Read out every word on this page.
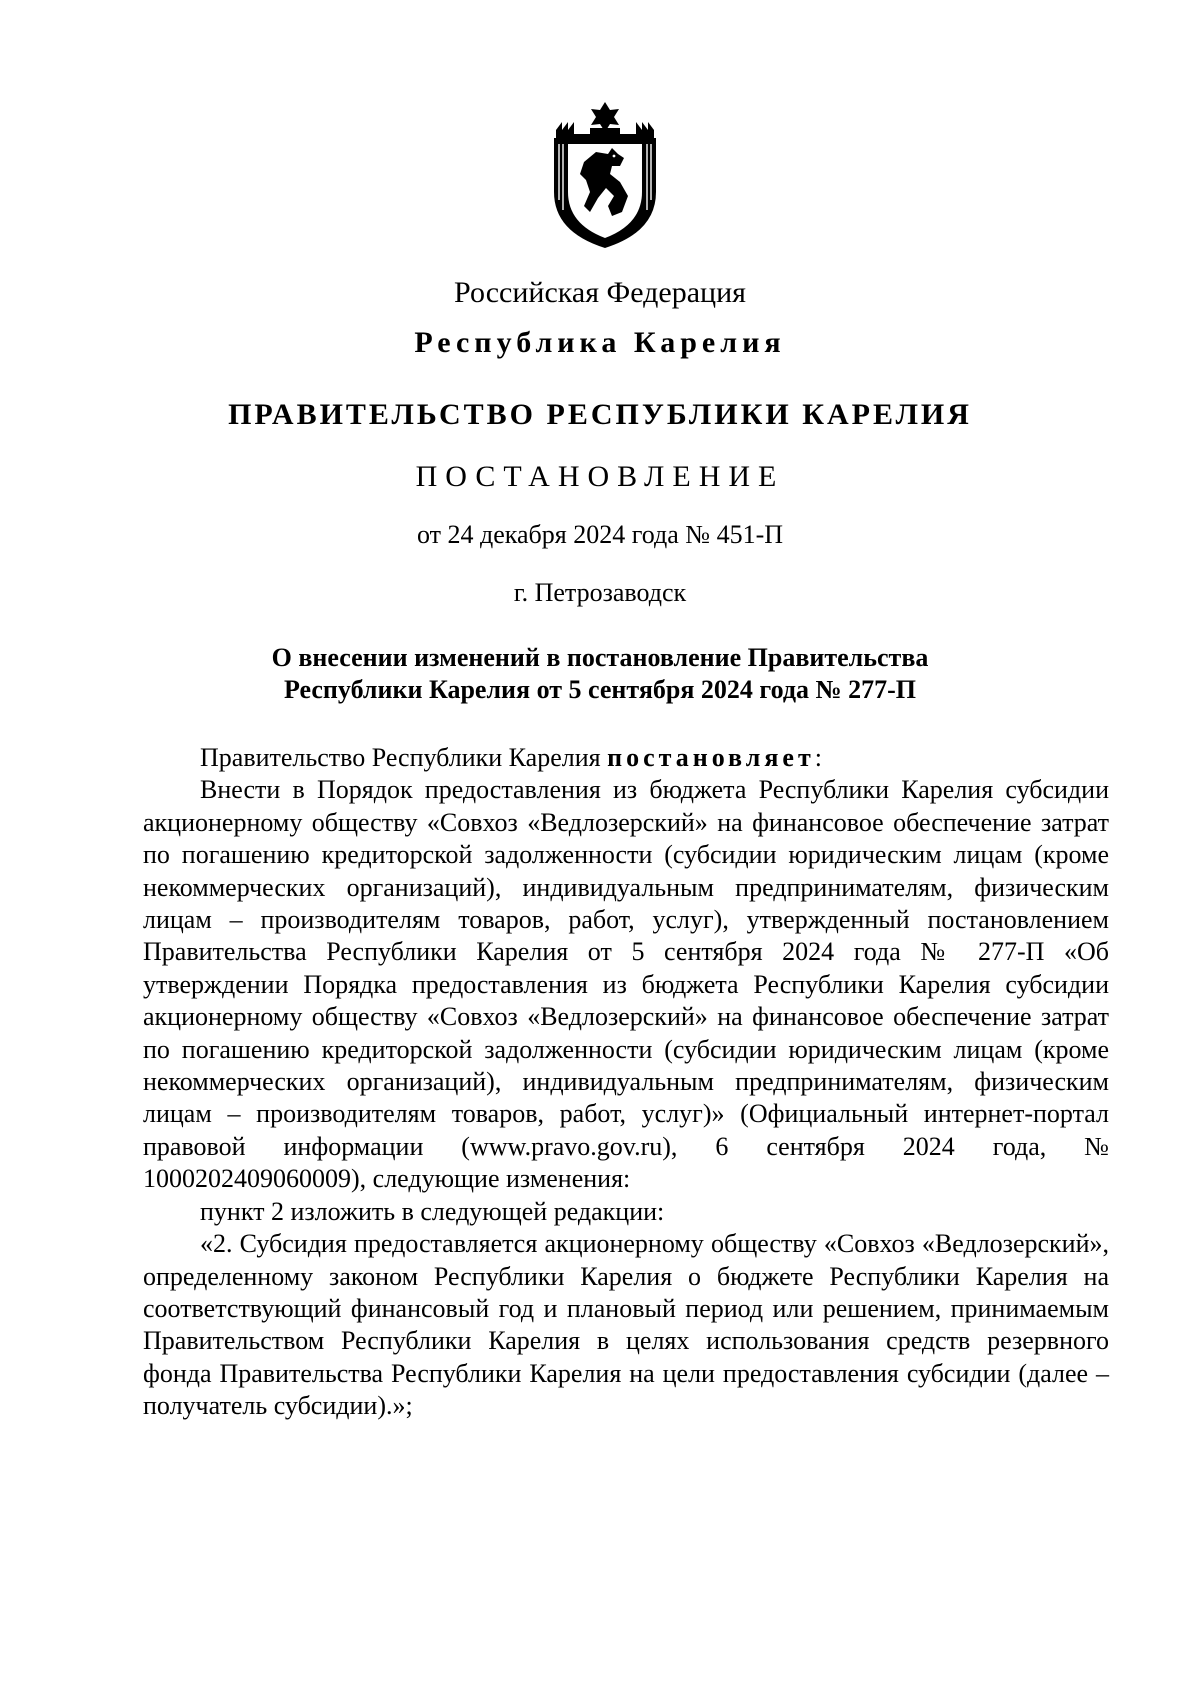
Российская Федерация
Республика Карелия
ПРАВИТЕЛЬСТВО РЕСПУБЛИКИ КАРЕЛИЯ
ПОСТАНОВЛЕНИЕ
от 24 декабря 2024 года № 451-П
г. Петрозаводск
О внесении изменений в постановление Правительства
Республики Карелия от 5 сентября 2024 года № 277-П

Правительство Республики Карелия постановляет:

Внести в Порядок предоставления из бюджета Республики Карелия субсидии акционерному обществу «Совхоз «Ведлозерский» на финансовое обеспечение затрат по погашению кредиторской задолженности (субсидии юридическим лицам (кроме некоммерческих организаций), индивидуальным предпринимателям, физическим лицам – производителям товаров, работ, услуг), утвержденный постановлением Правительства Республики Карелия от 5 сентября 2024 года № 277-П «Об утверждении Порядка предоставления из бюджета Республики Карелия субсидии акционерному обществу «Совхоз «Ведлозерский» на финансовое обеспечение затрат по погашению кредиторской задолженности (субсидии юридическим лицам (кроме некоммерческих организаций), индивидуальным предпринимателям, физическим лицам – производителям товаров, работ, услуг)» (Официальный интернет-портал правовой информации (www.pravo.gov.ru), 6 сентября 2024 года, № 1000202409060009), следующие изменения:

пункт 2 изложить в следующей редакции:

«2. Субсидия предоставляется акционерному обществу «Совхоз «Ведлозерский», определенному законом Республики Карелия о бюджете Республики Карелия на соответствующий финансовый год и плановый период или решением, принимаемым Правительством Республики Карелия в целях использования средств резервного фонда Правительства Республики Карелия на цели предоставления субсидии (далее – получатель субсидии).»;
